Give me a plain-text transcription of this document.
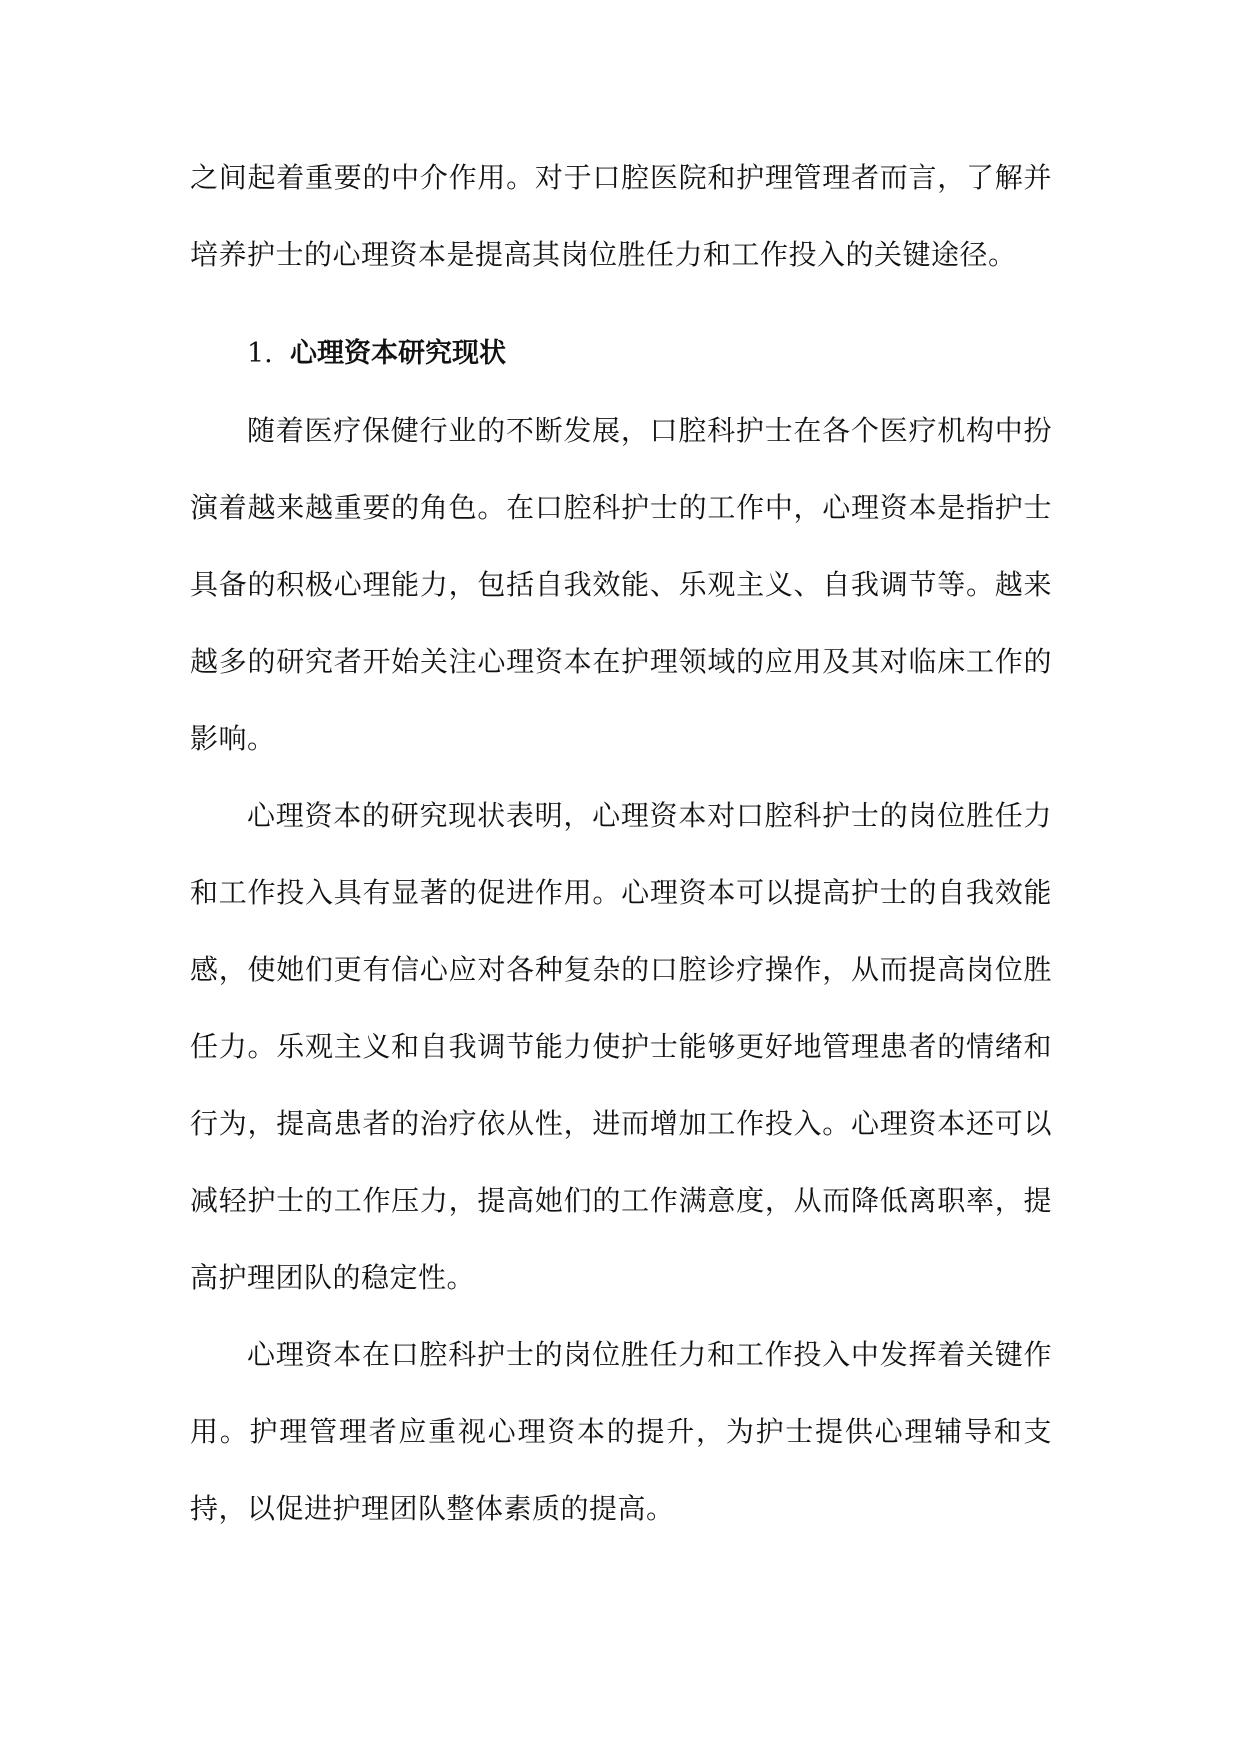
之间起着重要的中介作用。对于口腔医院和护理管理者而言，了解并培养护士的心理资本是提高其岗位胜任力和工作投入的关键途径。

1. 心理资本研究现状

随着医疗保健行业的不断发展，口腔科护士在各个医疗机构中扮演着越来越重要的角色。在口腔科护士的工作中，心理资本是指护士具备的积极心理能力，包括自我效能、乐观主义、自我调节等。越来越多的研究者开始关注心理资本在护理领域的应用及其对临床工作的影响。

心理资本的研究现状表明，心理资本对口腔科护士的岗位胜任力和工作投入具有显著的促进作用。心理资本可以提高护士的自我效能感，使她们更有信心应对各种复杂的口腔诊疗操作，从而提高岗位胜任力。乐观主义和自我调节能力使护士能够更好地管理患者的情绪和行为，提高患者的治疗依从性，进而增加工作投入。心理资本还可以减轻护士的工作压力，提高她们的工作满意度，从而降低离职率，提高护理团队的稳定性。

心理资本在口腔科护士的岗位胜任力和工作投入中发挥着关键作用。护理管理者应重视心理资本的提升，为护士提供心理辅导和支持，以促进护理团队整体素质的提高。
